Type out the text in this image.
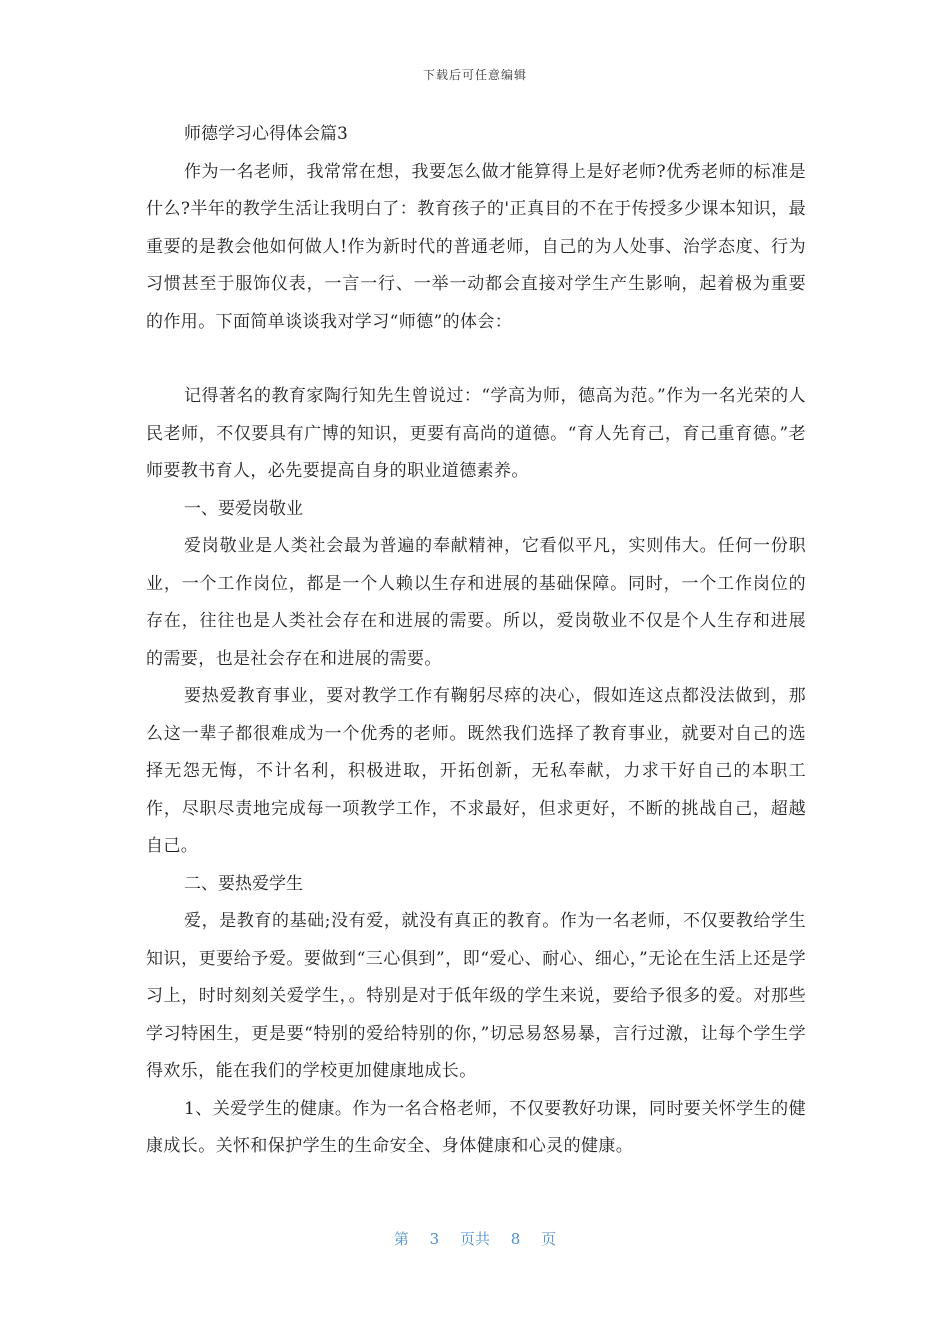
下载后可任意编辑

师德学习心得体会篇3

作为一名老师，我常常在想，我要怎么做才能算得上是好老师?优秀老师的标准是什么?半年的教学生活让我明白了：教育孩子的'正真目的不在于传授多少课本知识，最重要的是教会他如何做人!作为新时代的普通老师，自己的为人处事、治学态度、行为习惯甚至于服饰仪表，一言一行、一举一动都会直接对学生产生影响，起着极为重要的作用。下面简单谈谈我对学习“师德”的体会：

记得著名的教育家陶行知先生曾说过：“学高为师，德高为范。”作为一名光荣的人民老师，不仅要具有广博的知识，更要有高尚的道德。“育人先育己，育己重育德。”老师要教书育人，必先要提高自身的职业道德素养。

一、要爱岗敬业

爱岗敬业是人类社会最为普遍的奉献精神，它看似平凡，实则伟大。任何一份职业，一个工作岗位，都是一个人赖以生存和进展的基础保障。同时，一个工作岗位的存在，往往也是人类社会存在和进展的需要。所以，爱岗敬业不仅是个人生存和进展的需要，也是社会存在和进展的需要。

要热爱教育事业，要对教学工作有鞠躬尽瘁的决心，假如连这点都没法做到，那么这一辈子都很难成为一个优秀的老师。既然我们选择了教育事业，就要对自己的选择无怨无悔，不计名利，积极进取，开拓创新，无私奉献，力求干好自己的本职工作，尽职尽责地完成每一项教学工作，不求最好，但求更好，不断的挑战自己，超越自己。

二、要热爱学生

爱，是教育的基础;没有爱，就没有真正的教育。作为一名老师，不仅要教给学生知识，更要给予爱。要做到“三心俱到”，即“爱心、耐心、细心，”无论在生活上还是学习上，时时刻刻关爱学生，。特别是对于低年级的学生来说，要给予很多的爱。对那些学习特困生，更是要“特别的爱给特别的你，”切忌易怒易暴，言行过激，让每个学生学得欢乐，能在我们的学校更加健康地成长。

1、关爱学生的健康。作为一名合格老师，不仅要教好功课，同时要关怀学生的健康成长。关怀和保护学生的生命安全、身体健康和心灵的健康。

第 3 页共 8 页
